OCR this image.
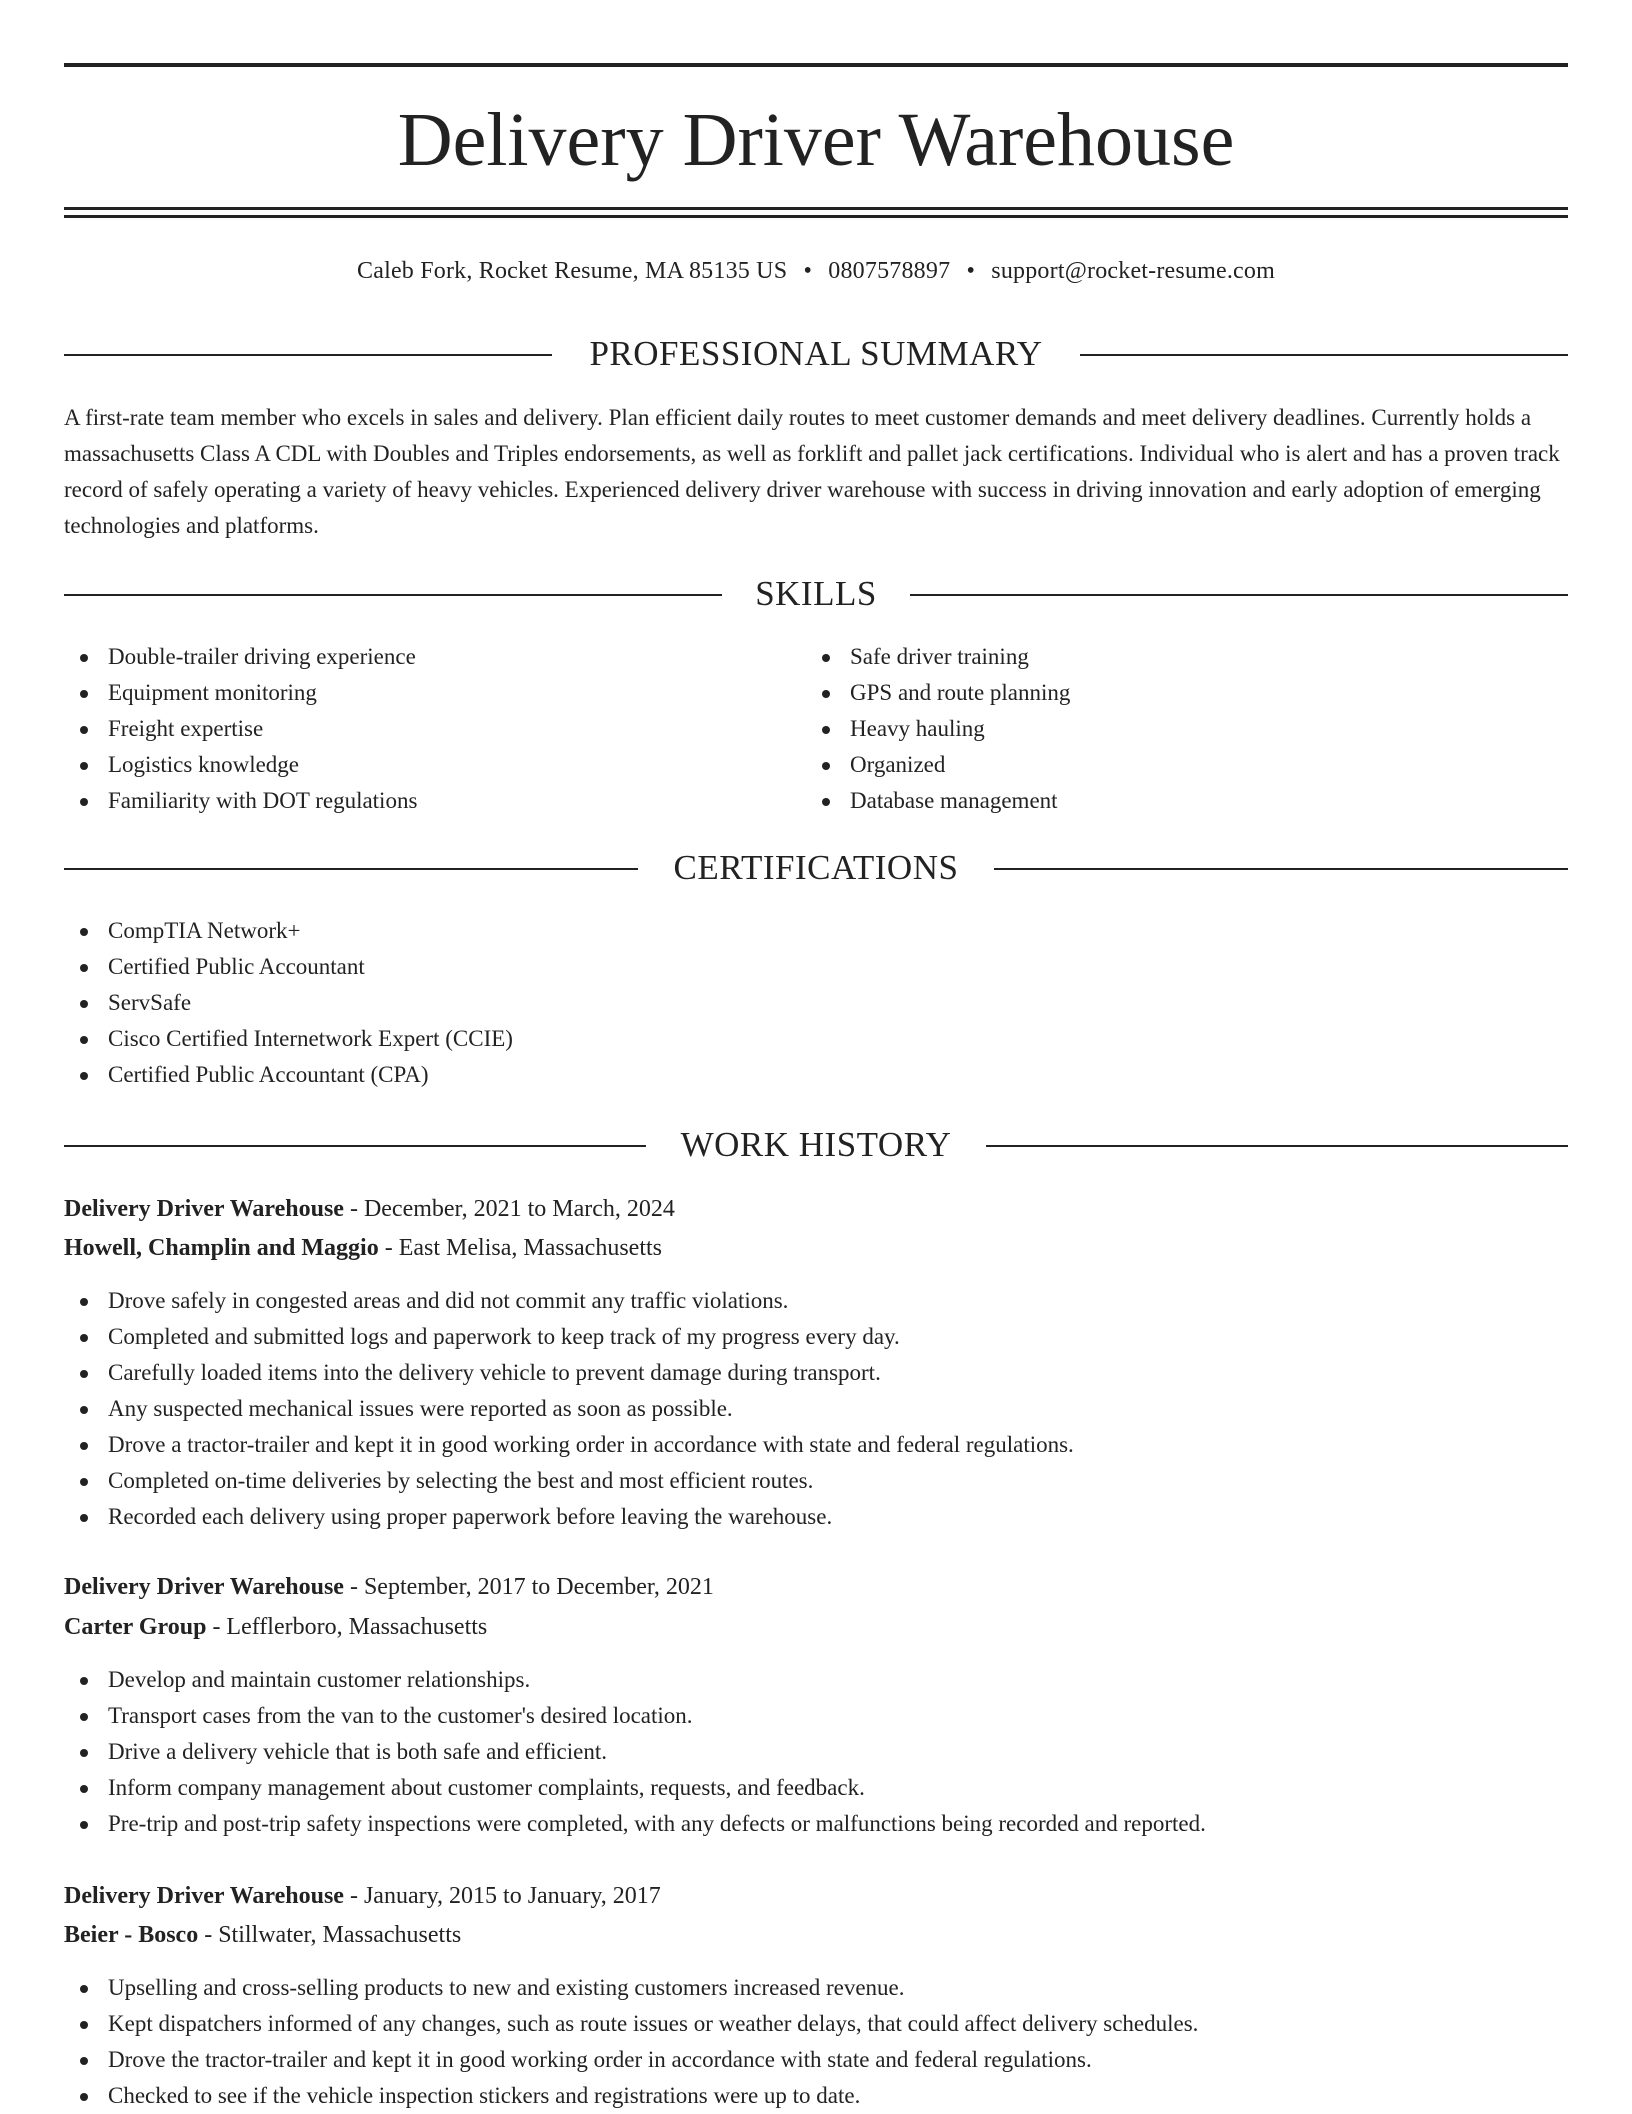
Delivery Driver Warehouse
Caleb Fork, Rocket Resume, MA 85135 US • 0807578897 • support@rocket-resume.com
PROFESSIONAL SUMMARY

A first-rate team member who excels in sales and delivery. Plan efficient daily routes to meet customer demands and meet delivery deadlines. Currently holds a massachusetts Class A CDL with Doubles and Triples endorsements, as well as forklift and pallet jack certifications. Individual who is alert and has a proven track record of safely operating a variety of heavy vehicles. Experienced delivery driver warehouse with success in driving innovation and early adoption of emerging technologies and platforms.

SKILLS
Double-trailer driving experience
Equipment monitoring
Freight expertise
Logistics knowledge
Familiarity with DOT regulations
Safe driver training
GPS and route planning
Heavy hauling
Organized
Database management
CERTIFICATIONS
CompTIA Network+
Certified Public Accountant
ServSafe
Cisco Certified Internetwork Expert (CCIE)
Certified Public Accountant (CPA)
WORK HISTORY
Delivery Driver Warehouse - December, 2021 to March, 2024
Howell, Champlin and Maggio - East Melisa, Massachusetts
Drove safely in congested areas and did not commit any traffic violations.
Completed and submitted logs and paperwork to keep track of my progress every day.
Carefully loaded items into the delivery vehicle to prevent damage during transport.
Any suspected mechanical issues were reported as soon as possible.
Drove a tractor-trailer and kept it in good working order in accordance with state and federal regulations.
Completed on-time deliveries by selecting the best and most efficient routes.
Recorded each delivery using proper paperwork before leaving the warehouse.
Delivery Driver Warehouse - September, 2017 to December, 2021
Carter Group - Lefflerboro, Massachusetts
Develop and maintain customer relationships.
Transport cases from the van to the customer's desired location.
Drive a delivery vehicle that is both safe and efficient.
Inform company management about customer complaints, requests, and feedback.
Pre-trip and post-trip safety inspections were completed, with any defects or malfunctions being recorded and reported.
Delivery Driver Warehouse - January, 2015 to January, 2017
Beier - Bosco - Stillwater, Massachusetts
Upselling and cross-selling products to new and existing customers increased revenue.
Kept dispatchers informed of any changes, such as route issues or weather delays, that could affect delivery schedules.
Drove the tractor-trailer and kept it in good working order in accordance with state and federal regulations.
Checked to see if the vehicle inspection stickers and registrations were up to date.
